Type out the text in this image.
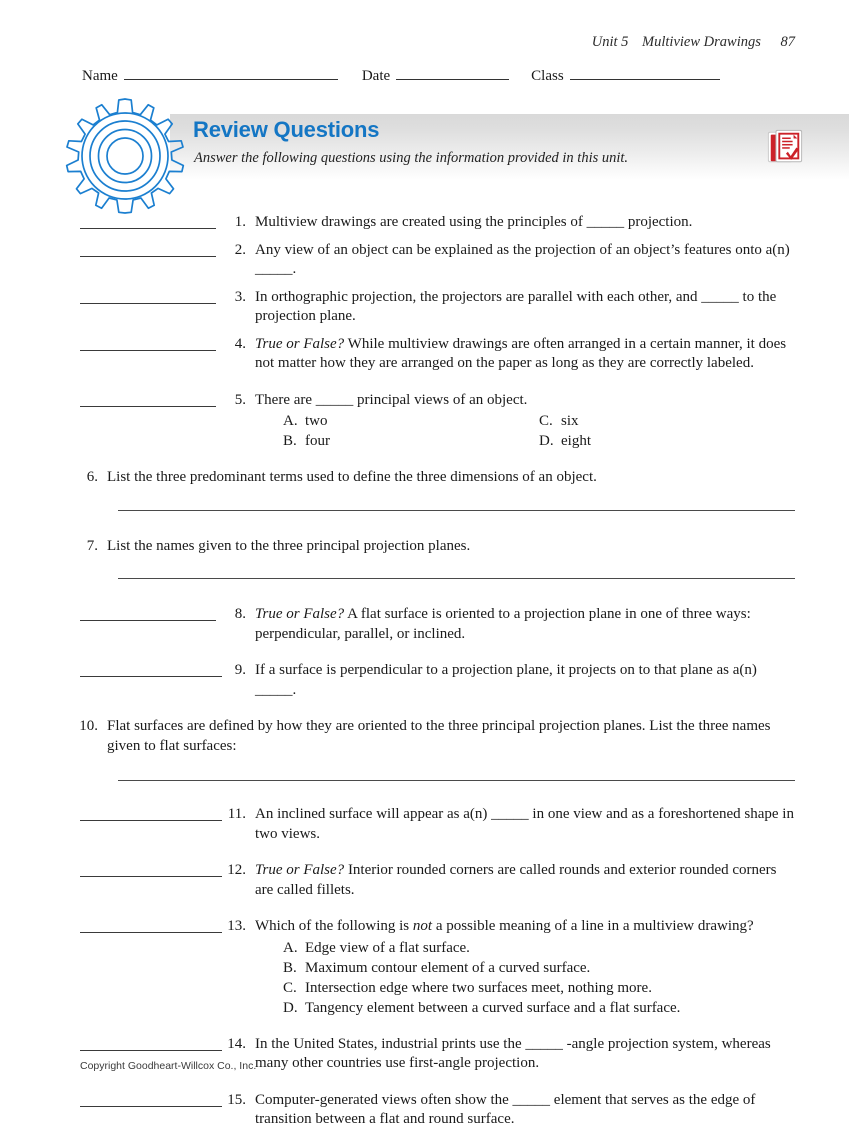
Unit 5 Multiview Drawings 87
Name	Date	Class
Review Questions
Answer the following questions using the information provided in this unit.
1. Multiview drawings are created using the principles of _____ projection.
2. Any view of an object can be explained as the projection of an object’s features onto a(n) _____.
3. In orthographic projection, the projectors are parallel with each other, and _____ to the projection plane.
4. True or False? While multiview drawings are often arranged in a certain manner, it does not matter how they are arranged on the paper as long as they are correctly labeled.
5. There are _____ principal views of an object.
A. two	C. six
B. four	D. eight
6. List the three predominant terms used to define the three dimensions of an object.
7. List the names given to the three principal projection planes.
8. True or False? A flat surface is oriented to a projection plane in one of three ways: perpendicular, parallel, or inclined.
9. If a surface is perpendicular to a projection plane, it projects on to that plane as a(n) _____.
10. Flat surfaces are defined by how they are oriented to the three principal projection planes. List the three names given to flat surfaces:
11. An inclined surface will appear as a(n) _____ in one view and as a foreshortened shape in two views.
12. True or False? Interior rounded corners are called rounds and exterior rounded corners are called fillets.
13. Which of the following is not a possible meaning of a line in a multiview drawing?
A. Edge view of a flat surface.
B. Maximum contour element of a curved surface.
C. Intersection edge where two surfaces meet, nothing more.
D. Tangency element between a curved surface and a flat surface.
14. In the United States, industrial prints use the _____ -angle projection system, whereas many other countries use first-angle projection.
15. Computer-generated views often show the _____ element that serves as the edge of transition between a flat and round surface.
Copyright Goodheart-Willcox Co., Inc.
